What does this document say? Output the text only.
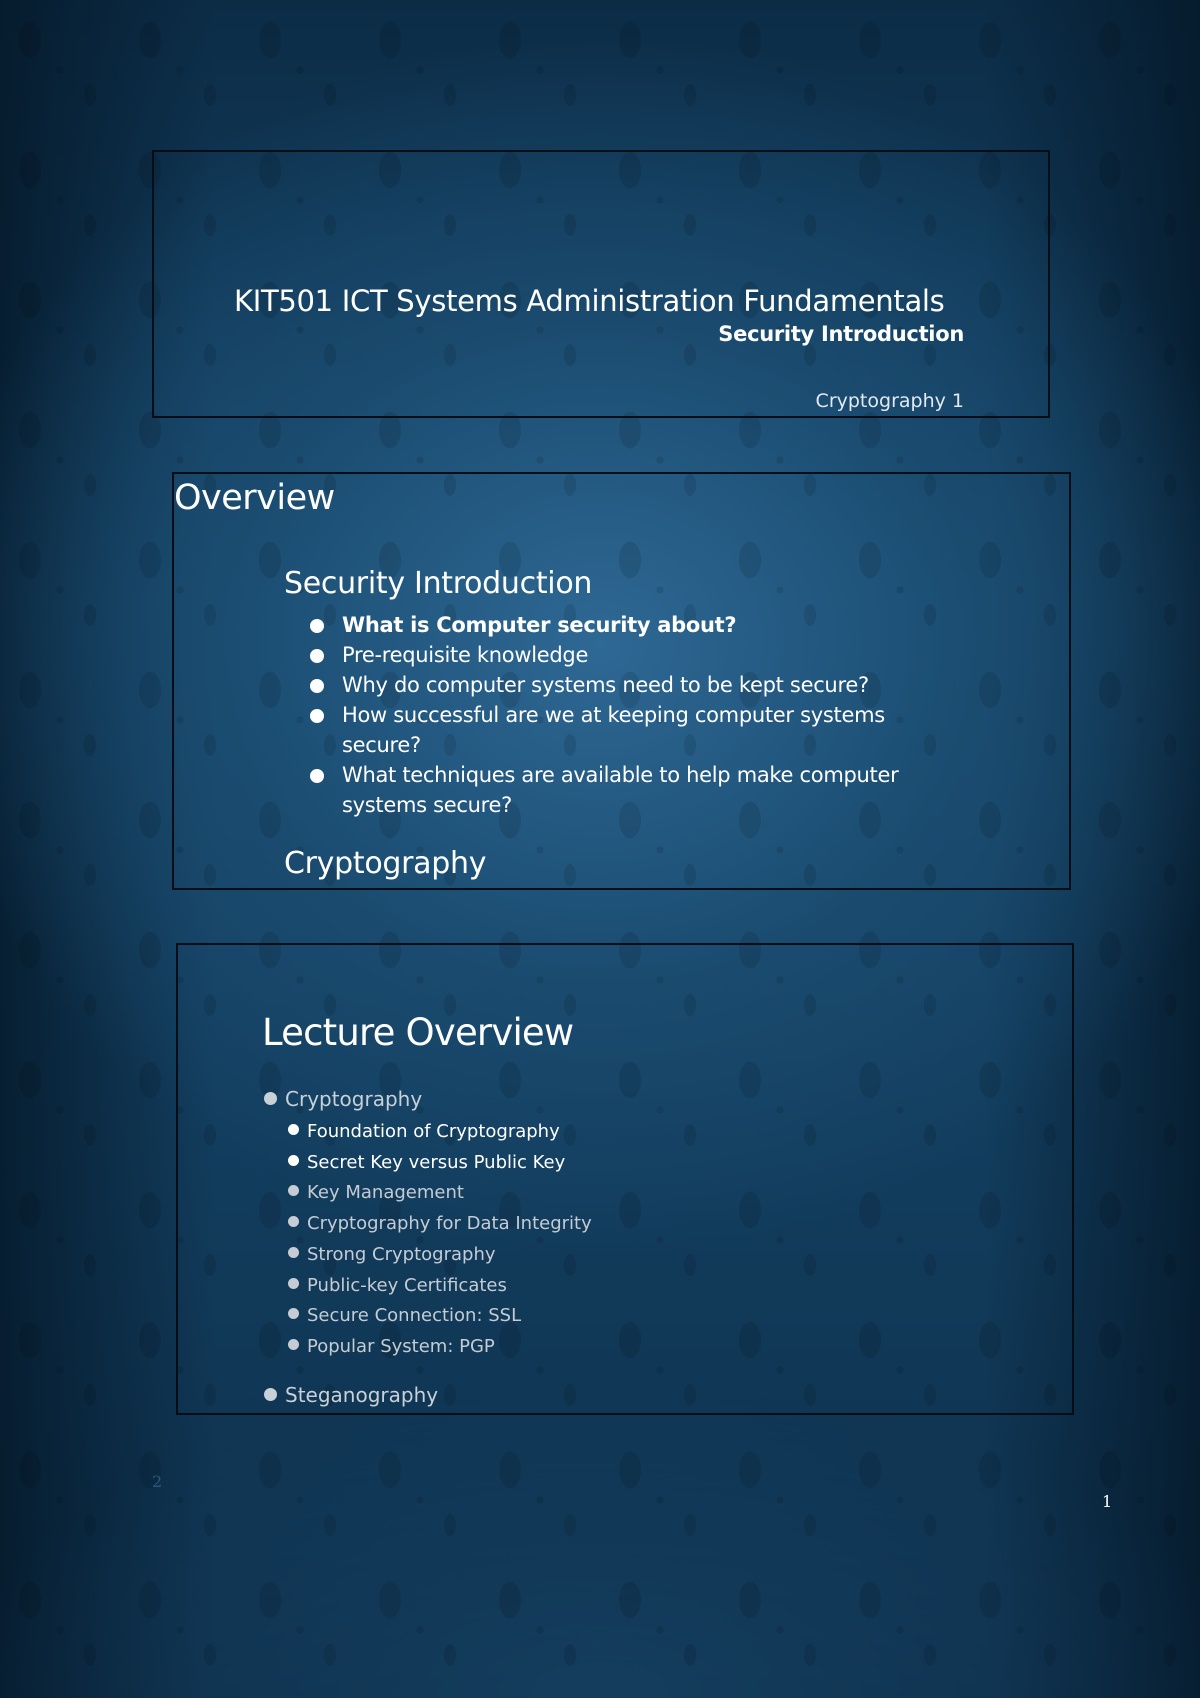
KIT501 ICT Systems Administration Fundamentals

Security Introduction

Cryptography 1

Overview
Security Introduction
What is Computer security about?
Pre-requisite knowledge
Why do computer systems need to be kept secure?
How successful are we at keeping computer systems secure?
What techniques are available to help make computer systems secure?
Cryptography
Lecture Overview
Cryptography
Foundation of Cryptography
Secret Key versus Public Key
Key Management
Cryptography for Data Integrity
Strong Cryptography
Public-key Certificates
Secure Connection: SSL
Popular System: PGP
Steganography
2
1
